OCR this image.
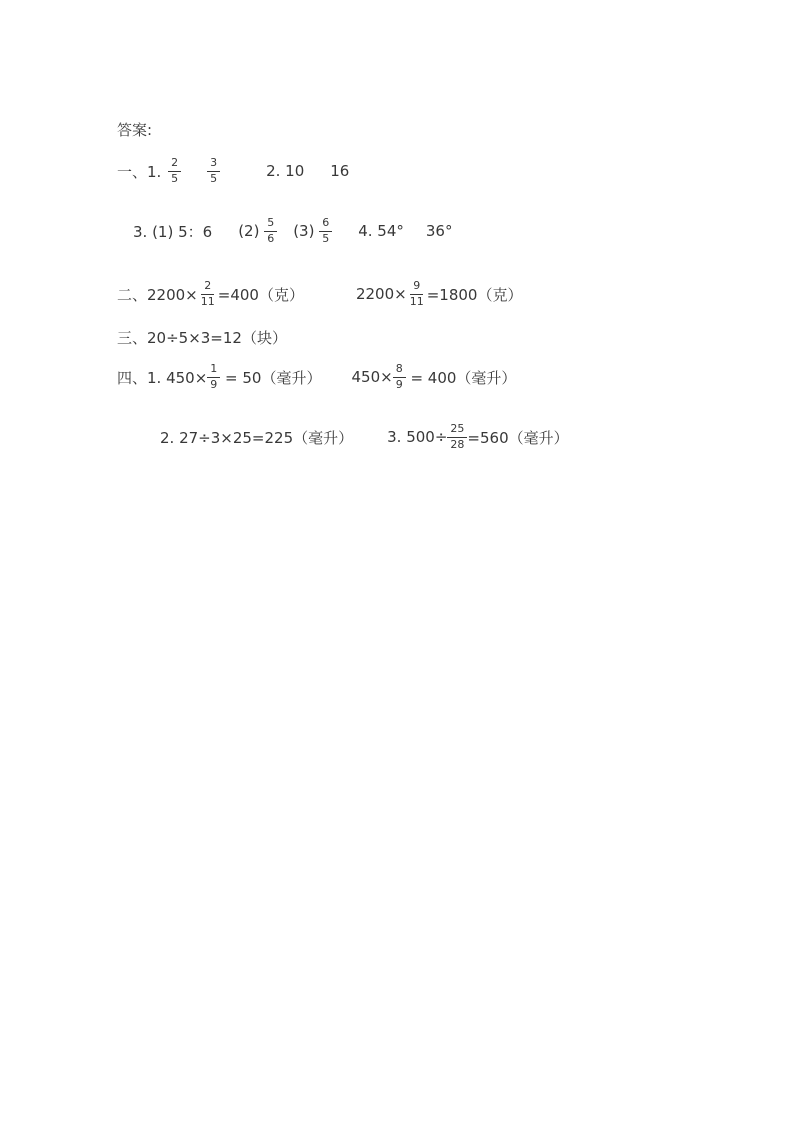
答案:
一、1. $\frac{2}{5} \frac{3}{5}$	2. 10 16
3. (1) 5：6 $(2) \frac{5}{6} (3) \frac{6}{5} 4$. 54° 36°
二、$2200\times \frac{2}{11} =400$（克）	$2200\times \frac{9}{11} =1800$（克）
三、20÷5×3=12（块）
四、1. $450\times \frac{1}{9} = 50$（毫升） $450\times \frac{8}{9} = 400$（毫升）
2. 27÷3×25=225（毫升） 3. $500\div \frac{25}{28} =560$（毫升）
